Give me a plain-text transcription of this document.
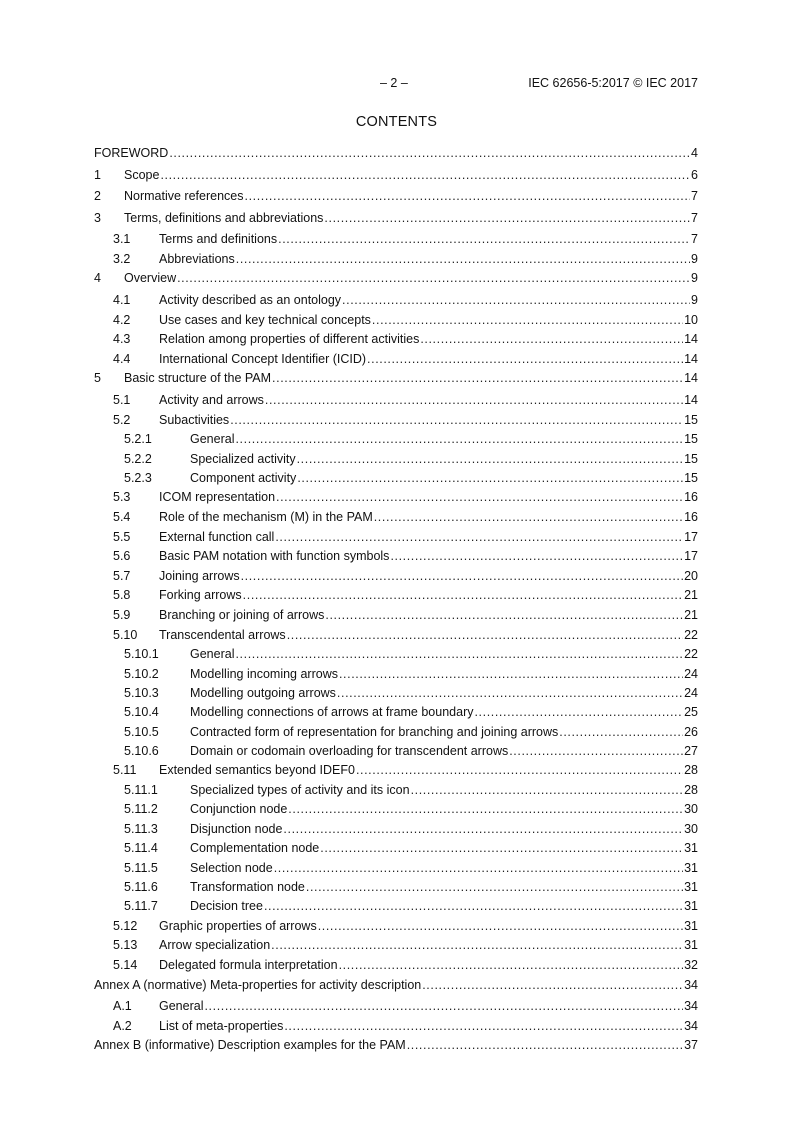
– 2 –	IEC 62656-5:2017 © IEC 2017
CONTENTS
FOREWORD .....	4
1	Scope .....	6
2	Normative references .....	7
3	Terms, definitions and abbreviations .....	7
3.1	Terms and definitions .....	7
3.2	Abbreviations .....	9
4	Overview .....	9
4.1	Activity described as an ontology .....	9
4.2	Use cases and key technical concepts .....	10
4.3	Relation among properties of different activities .....	14
4.4	International Concept Identifier (ICID) .....	14
5	Basic structure of the PAM .....	14
5.1	Activity and arrows .....	14
5.2	Subactivities .....	15
5.2.1	General .....	15
5.2.2	Specialized activity .....	15
5.2.3	Component activity .....	15
5.3	ICOM representation .....	16
5.4	Role of the mechanism (M) in the PAM .....	16
5.5	External function call .....	17
5.6	Basic PAM notation with function symbols .....	17
5.7	Joining arrows .....	20
5.8	Forking arrows .....	21
5.9	Branching or joining of arrows .....	21
5.10	Transcendental arrows .....	22
5.10.1	General .....	22
5.10.2	Modelling incoming arrows .....	24
5.10.3	Modelling outgoing arrows .....	24
5.10.4	Modelling connections of arrows at frame boundary .....	25
5.10.5	Contracted form of representation for branching and joining arrows .....	26
5.10.6	Domain or codomain overloading for transcendent arrows .....	27
5.11	Extended semantics beyond IDEF0 .....	28
5.11.1	Specialized types of activity and its icon .....	28
5.11.2	Conjunction node .....	30
5.11.3	Disjunction node .....	30
5.11.4	Complementation node .....	31
5.11.5	Selection node .....	31
5.11.6	Transformation node .....	31
5.11.7	Decision tree .....	31
5.12	Graphic properties of arrows .....	31
5.13	Arrow specialization .....	31
5.14	Delegated formula interpretation .....	32
Annex A (normative) Meta-properties for activity description .....	34
A.1	General .....	34
A.2	List of meta-properties .....	34
Annex B (informative) Description examples for the PAM .....	37
